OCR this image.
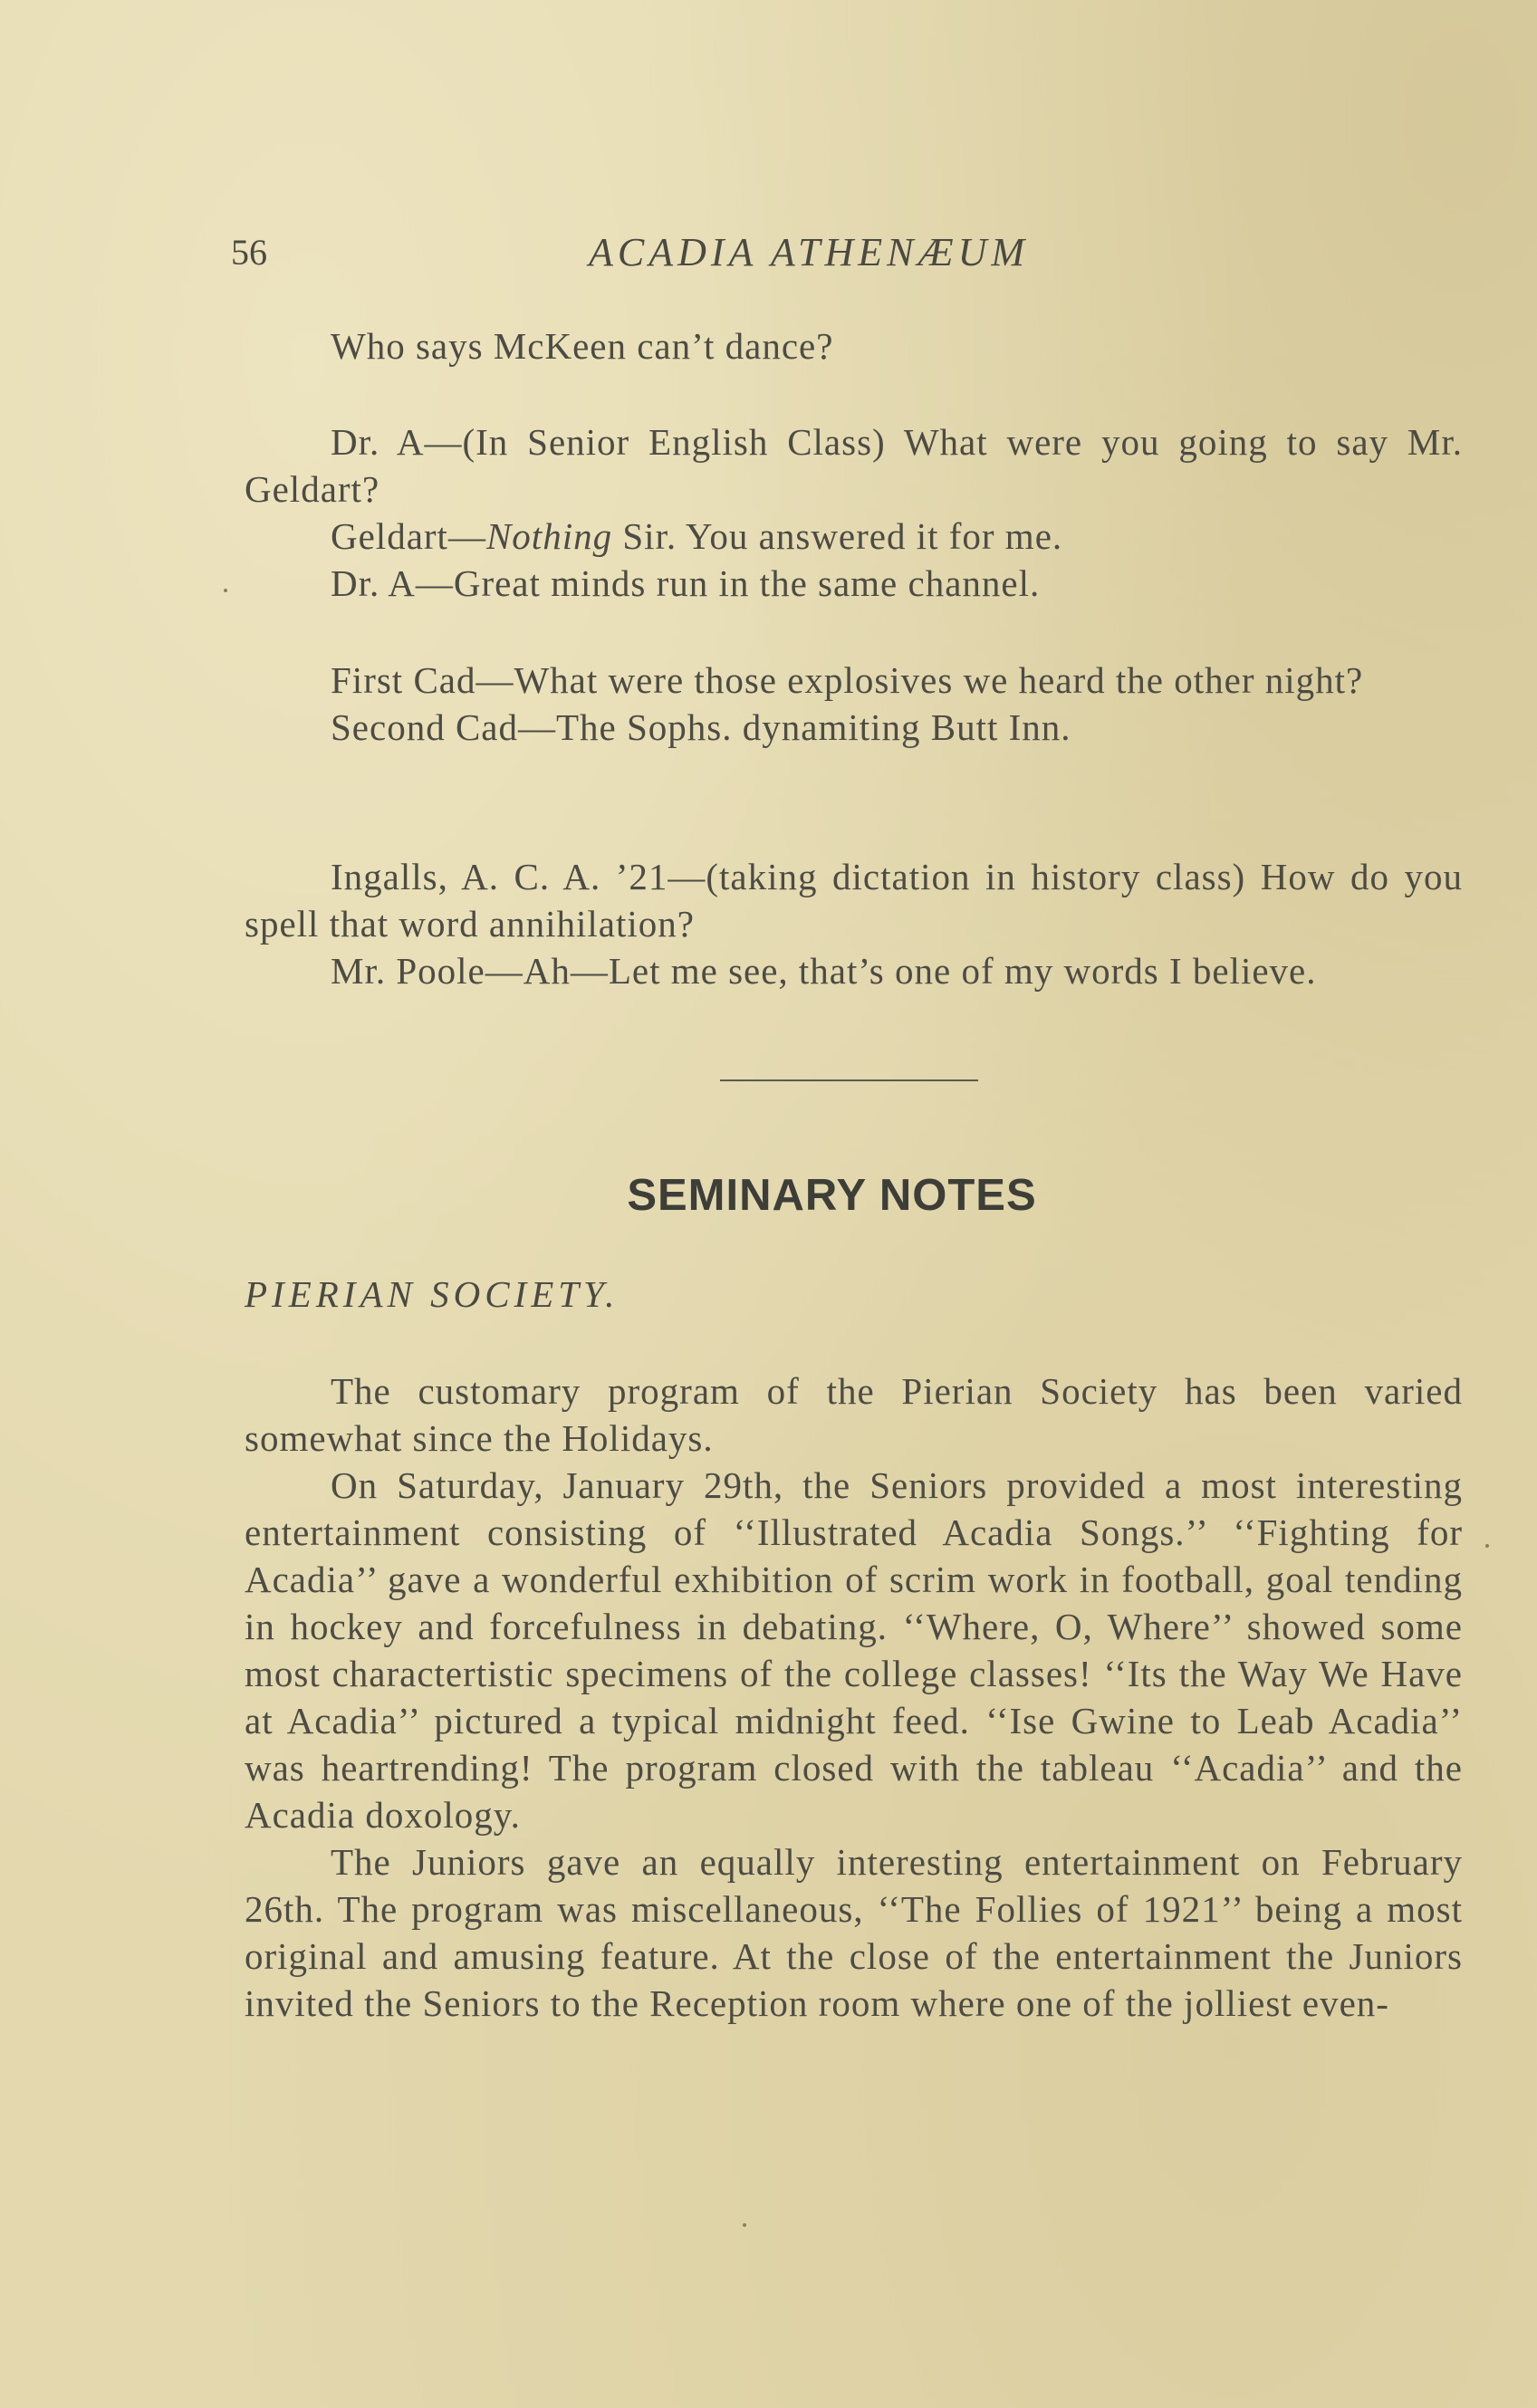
56	ACADIA ATHENÆUM

Who says McKeen can’t dance?

Dr. A—(In Senior English Class) What were you going to say Mr. Geldart?

Geldart—Nothing Sir. You answered it for me.

Dr. A—Great minds run in the same channel.

First Cad—What were those explosives we heard the other night?

Second Cad—The Sophs. dynamiting Butt Inn.

Ingalls, A. C. A. ’21—(taking dictation in history class) How do you spell that word annihilation?

Mr. Poole—Ah—Let me see, that’s one of my words I believe.

SEMINARY NOTES
PIERIAN SOCIETY.

The customary program of the Pierian Society has been varied somewhat since the Holidays.

On Saturday, January 29th, the Seniors provided a most interesting entertainment consisting of ‘‘Illustrated Acadia Songs.’’ ‘‘Fighting for Acadia’’ gave a wonderful exhibition of scrim work in football, goal tending in hockey and forcefulness in debating. ‘‘Where, O, Where’’ showed some most charactertistic specimens of the college classes! ‘‘Its the Way We Have at Acadia’’ pictured a typical midnight feed. ‘‘Ise Gwine to Leab Acadia’’ was heartrending! The program closed with the tableau ‘‘Acadia’’ and the Acadia doxology.

The Juniors gave an equally interesting entertainment on February 26th. The program was miscellaneous, ‘‘The Follies of 1921’’ being a most original and amusing feature. At the close of the entertainment the Juniors invited the Seniors to the Reception room where one of the jolliest even-
